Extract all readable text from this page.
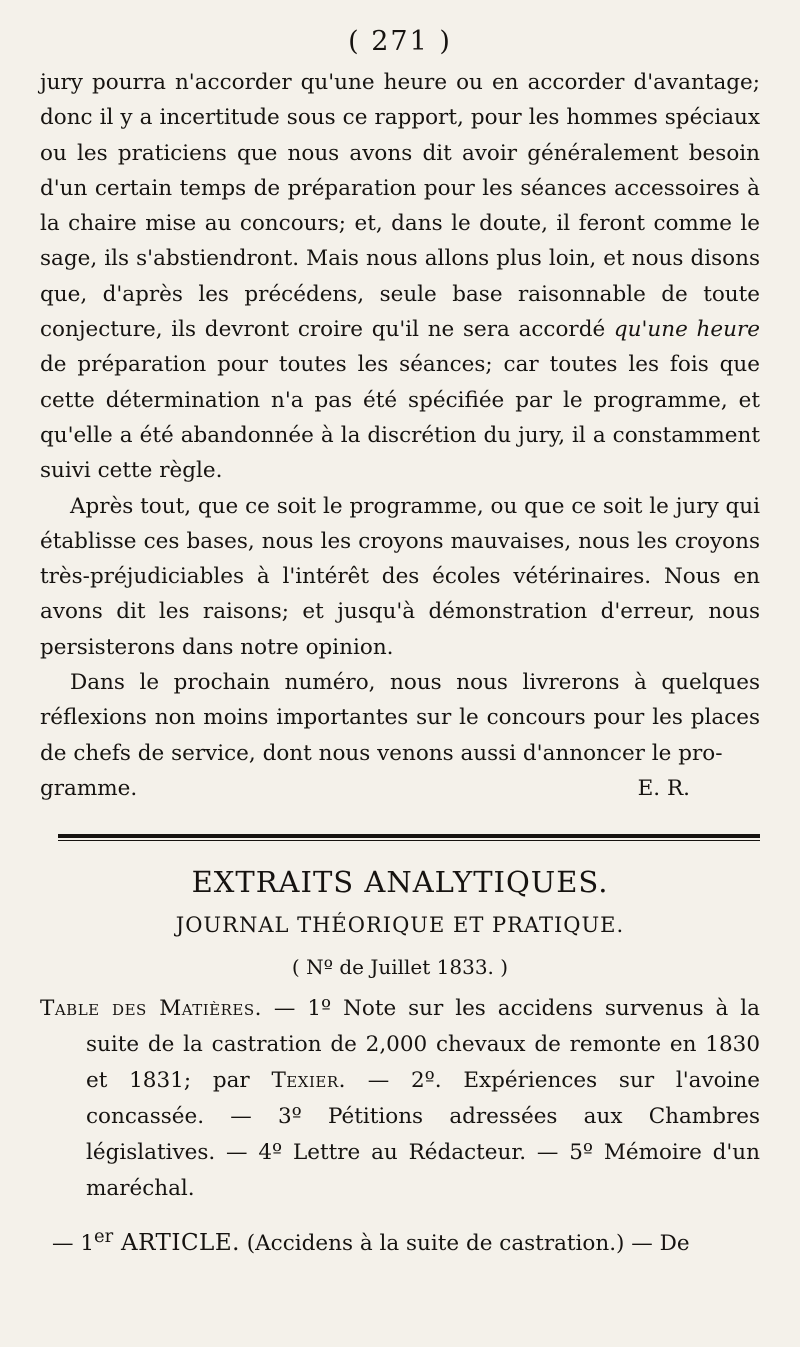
( 271 )

jury pourra n'accorder qu'une heure ou en accorder d'avantage; donc il y a incertitude sous ce rapport, pour les hommes spéciaux ou les praticiens que nous avons dit avoir généralement besoin d'un certain temps de préparation pour les séances accessoires à la chaire mise au concours; et, dans le doute, il feront comme le sage, ils s'abstiendront. Mais nous allons plus loin, et nous disons que, d'après les précédens, seule base raisonnable de toute conjecture, ils devront croire qu'il ne sera accordé qu'une heure de préparation pour toutes les séances; car toutes les fois que cette détermination n'a pas été spécifiée par le programme, et qu'elle a été abandonnée à la discrétion du jury, il a constamment suivi cette règle.

Après tout, que ce soit le programme, ou que ce soit le jury qui établisse ces bases, nous les croyons mauvaises, nous les croyons très-préjudiciables à l'intérêt des écoles vétérinaires. Nous en avons dit les raisons; et jusqu'à démonstration d'erreur, nous persisterons dans notre opinion.

Dans le prochain numéro, nous nous livrerons à quelques réflexions non moins importantes sur le concours pour les places de chefs de service, dont nous venons aussi d'annoncer le pro-

gramme.	E. R.
EXTRAITS ANALYTIQUES.
JOURNAL THÉORIQUE ET PRATIQUE.
( Nº de Juillet 1833. )

Table des Matières. — 1º Note sur les accidens survenus à la suite de la castration de 2,000 chevaux de remonte en 1830 et 1831; par Texier. — 2º. Expériences sur l'avoine concassée. — 3º Pétitions adressées aux Chambres législatives. — 4º Lettre au Rédacteur. — 5º Mémoire d'un maréchal.

— 1er ARTICLE. (Accidens à la suite de castration.) — De
